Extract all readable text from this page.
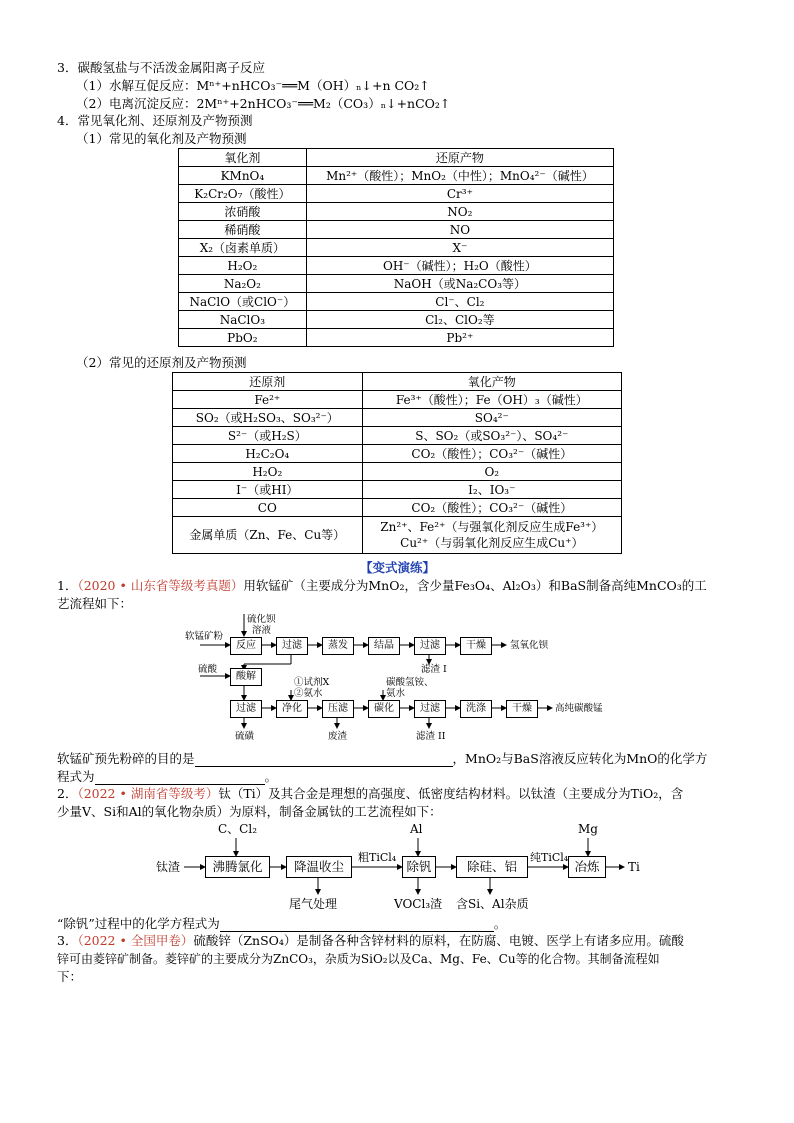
3．碳酸氢盐与不活泼金属阳离子反应
（1）水解互促反应：Mⁿ⁺+nHCO₃⁻══M（OH）ₙ↓+n CO₂↑
（2）电离沉淀反应：2Mⁿ⁺+2nHCO₃⁻══M₂（CO₃）ₙ↓+nCO₂↑
4．常见氧化剂、还原剂及产物预测
（1）常见的氧化剂及产物预测
氧化剂	还原产物
KMnO₄	Mn²⁺（酸性）；MnO₂（中性）；MnO₄²⁻（碱性）
K₂Cr₂O₇（酸性）	Cr³⁺
浓硝酸	NO₂
稀硝酸	NO
X₂（卤素单质）	X⁻
H₂O₂	OH⁻（碱性）；H₂O（酸性）
Na₂O₂	NaOH（或Na₂CO₃等）
NaClO（或ClO⁻）	Cl⁻、Cl₂
NaClO₃	Cl₂、ClO₂等
PbO₂	Pb²⁺
（2）常见的还原剂及产物预测
还原剂	氧化产物
Fe²⁺	Fe³⁺（酸性）；Fe（OH）₃（碱性）
SO₂（或H₂SO₃、SO₃²⁻）	SO₄²⁻
S²⁻（或H₂S）	S、SO₂（或SO₃²⁻）、SO₄²⁻
H₂C₂O₄	CO₂（酸性）；CO₃²⁻（碱性）
H₂O₂	O₂
I⁻（或HI）	I₂、IO₃⁻
CO	CO₂（酸性）；CO₃²⁻（碱性）
金属单质（Zn、Fe、Cu等）	Zn²⁺、Fe²⁺（与强氧化剂反应生成Fe³⁺）
Cu²⁺（与弱氧化剂反应生成Cu⁺）
【变式演练】
1．（2020 • 山东省等级考真题）用软锰矿（主要成分为MnO₂，含少量Fe₃O₄、Al₂O₃）和BaS制备高纯MnCO₃的工
艺流程如下：
反应	过滤	蒸发	结晶	过滤	干燥
酸解
过滤	净化	压滤	碳化	过滤	洗涤	干燥
硫化钡
溶液
软锰矿粉
氢氧化钡
滤渣 I
硫酸
①试剂X
②氨水
碳酸氢铵、
氨水
高纯碳酸锰
硫磺	废渣	滤渣 II
软锰矿预先粉碎的目的是	，MnO₂与BaS溶液反应转化为MnO的化学方
程式为	。
2．（2022 • 湖南省等级考）钛（Ti）及其合金是理想的高强度、低密度结构材料。以钛渣（主要成分为TiO₂，含
少量V、Si和Al的氧化物杂质）为原料，制备金属钛的工艺流程如下：
钛渣	沸腾氯化	降温收尘	除钒	除硅、铝	冶炼	Ti
C、Cl₂	Al	Mg
粗TiCl₄	纯TiCl₄
尾气处理	VOCl₃渣 含Si、Al杂质
“除钒”过程中的化学方程式为	。
3．（2022 • 全国甲卷）硫酸锌（ZnSO₄）是制备各种含锌材料的原料，在防腐、电镀、医学上有诸多应用。硫酸
锌可由菱锌矿制备。菱锌矿的主要成分为ZnCO₃，杂质为SiO₂以及Ca、Mg、Fe、Cu等的化合物。其制备流程如
下：
